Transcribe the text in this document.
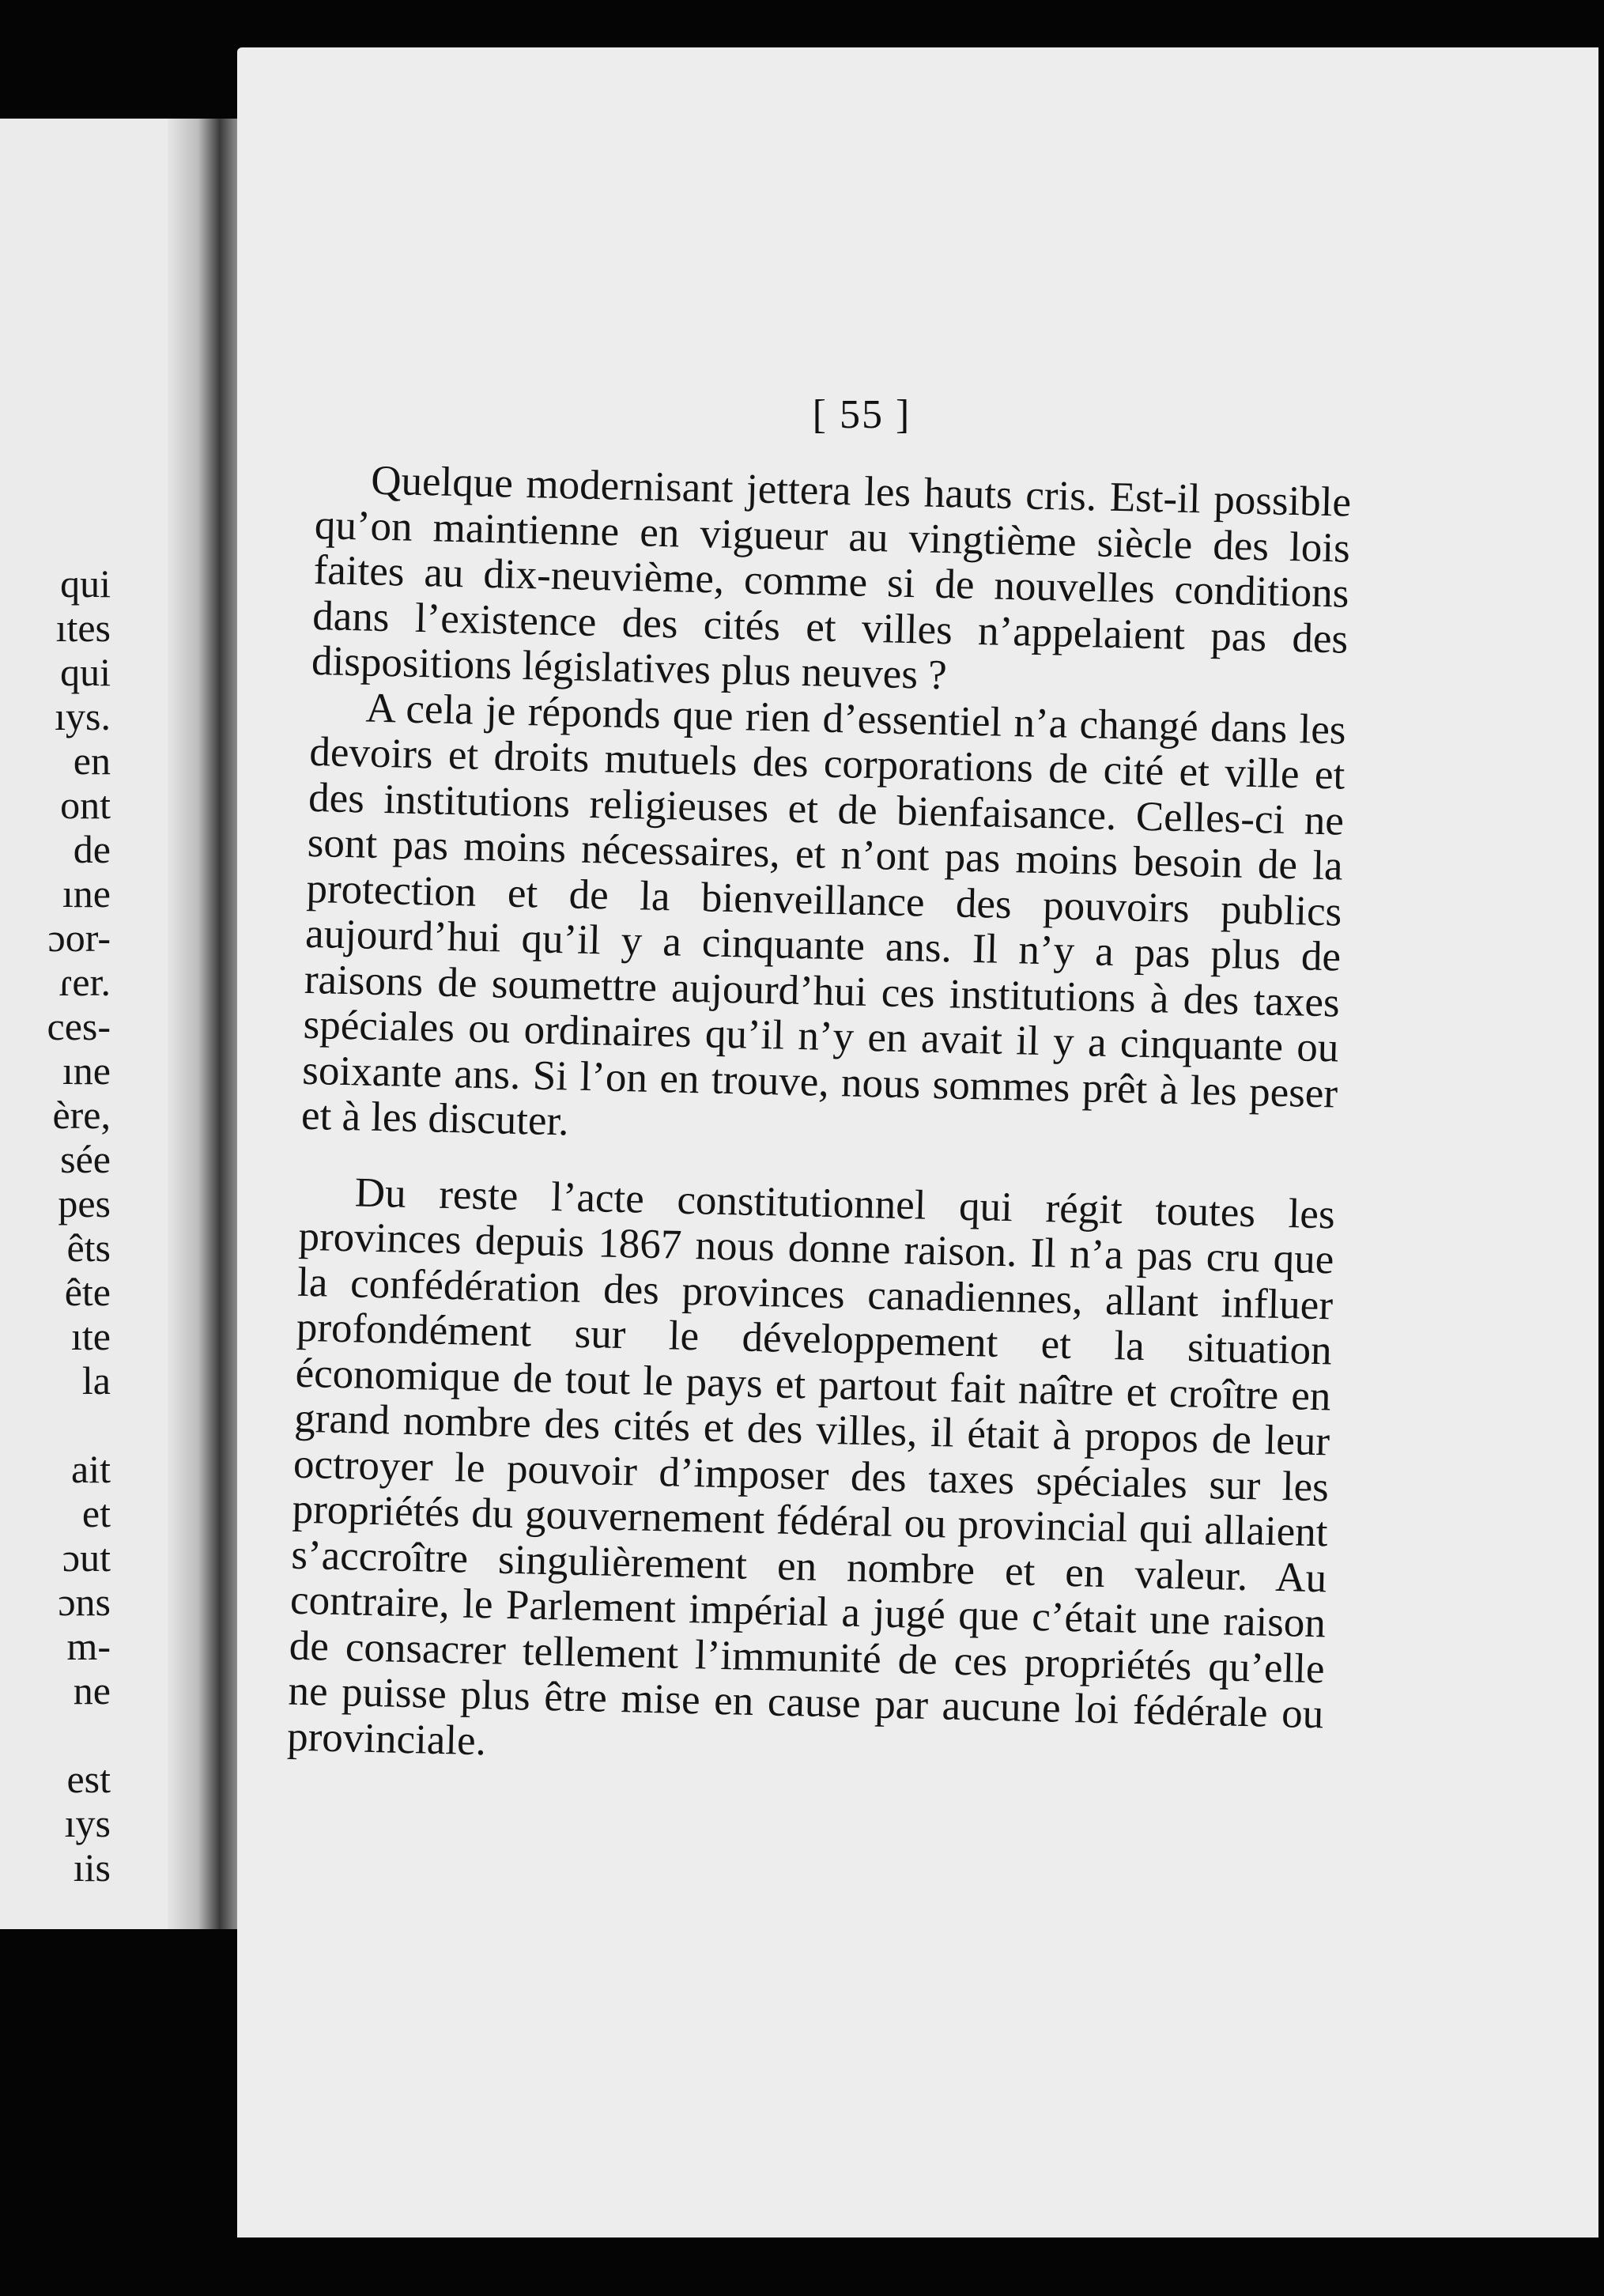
qui
ıtes
qui
ıys.
en
ont
de
ıne
ɔor-
ɾer.
ces-
ıne
ère,
sée
pes
êts
ête
ıte
la
ait
et
ɔut
ɔns
m-
ne
est
ıys
ıis
[ 55 ]

Quelque modernisant jettera les hauts cris. Est-il possible qu’on maintienne en vigueur au vingtième siècle des lois faites au dix-neuvième, comme si de nouvelles conditions dans l’existence des cités et villes n’appelaient pas des dispositions législatives plus neuves ?

A cela je réponds que rien d’essentiel n’a changé dans les devoirs et droits mutuels des corporations de cité et ville et des institutions religieuses et de bienfaisance. Celles-ci ne sont pas moins nécessaires, et n’ont pas moins besoin de la protection et de la bienveillance des pouvoirs publics aujourd’hui qu’il y a cinquante ans. Il n’y a pas plus de raisons de soumettre aujourd’hui ces institutions à des taxes spéciales ou ordinaires qu’il n’y en avait il y a cinquante ou soixante ans. Si l’on en trouve, nous sommes prêt à les peser et à les discuter.

Du reste l’acte constitutionnel qui régit toutes les provinces depuis 1867 nous donne raison. Il n’a pas cru que la confédération des provinces canadiennes, allant influer profondément sur le développement et la situation économique de tout le pays et partout fait naître et croître en grand nombre des cités et des villes, il était à propos de leur octroyer le pouvoir d’imposer des taxes spéciales sur les propriétés du gouvernement fédéral ou provincial qui allaient s’accroître singulièrement en nombre et en valeur. Au contraire, le Parlement impérial a jugé que c’était une raison de consacrer tellement l’immunité de ces propriétés qu’elle ne puisse plus être mise en cause par aucune loi fédérale ou provinciale.
